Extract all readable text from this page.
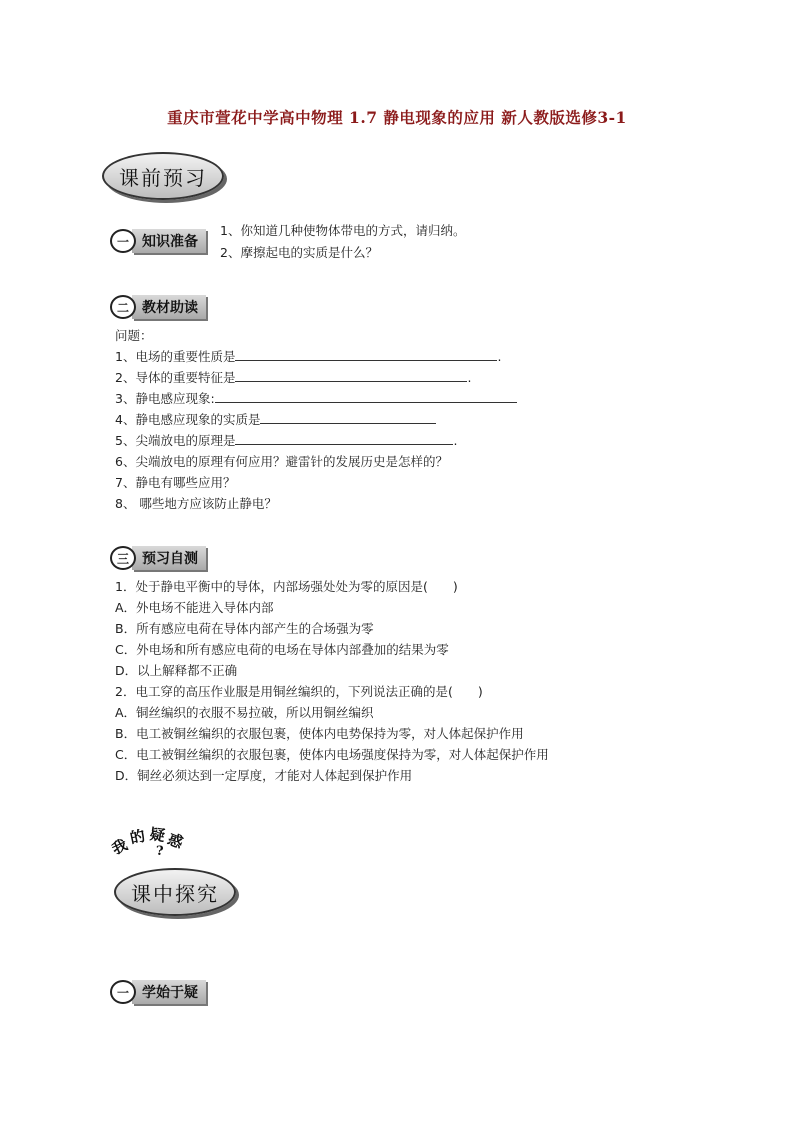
重庆市萱花中学高中物理 1.7 静电现象的应用 新人教版选修3-1
课前预习
一 知识准备
1、你知道几种使物体带电的方式，请归纳。
2、摩擦起电的实质是什么？
二 教材助读
问题：
1、电场的重要性质是	.
2、导体的重要特征是	.
3、静电感应现象:
4、静电感应现象的实质是
5、尖端放电的原理是	.
6、尖端放电的原理有何应用？避雷针的发展历史是怎样的？
7、静电有哪些应用？
8、 哪些地方应该防止静电？
三 预习自测
1．处于静电平衡中的导体，内部场强处处为零的原因是(　　)
A．外电场不能进入导体内部
B．所有感应电荷在导体内部产生的合场强为零
C．外电场和所有感应电荷的电场在导体内部叠加的结果为零
D．以上解释都不正确
2．电工穿的高压作业服是用铜丝编织的，下列说法正确的是(　　)
A．铜丝编织的衣服不易拉破，所以用铜丝编织
B．电工被铜丝编织的衣服包裹，使体内电势保持为零，对人体起保护作用
C．电工被铜丝编织的衣服包裹，使体内电场强度保持为零，对人体起保护作用
D．铜丝必须达到一定厚度，才能对人体起到保护作用
我
的 疑
惑
?
课中探究
一 学始于疑
